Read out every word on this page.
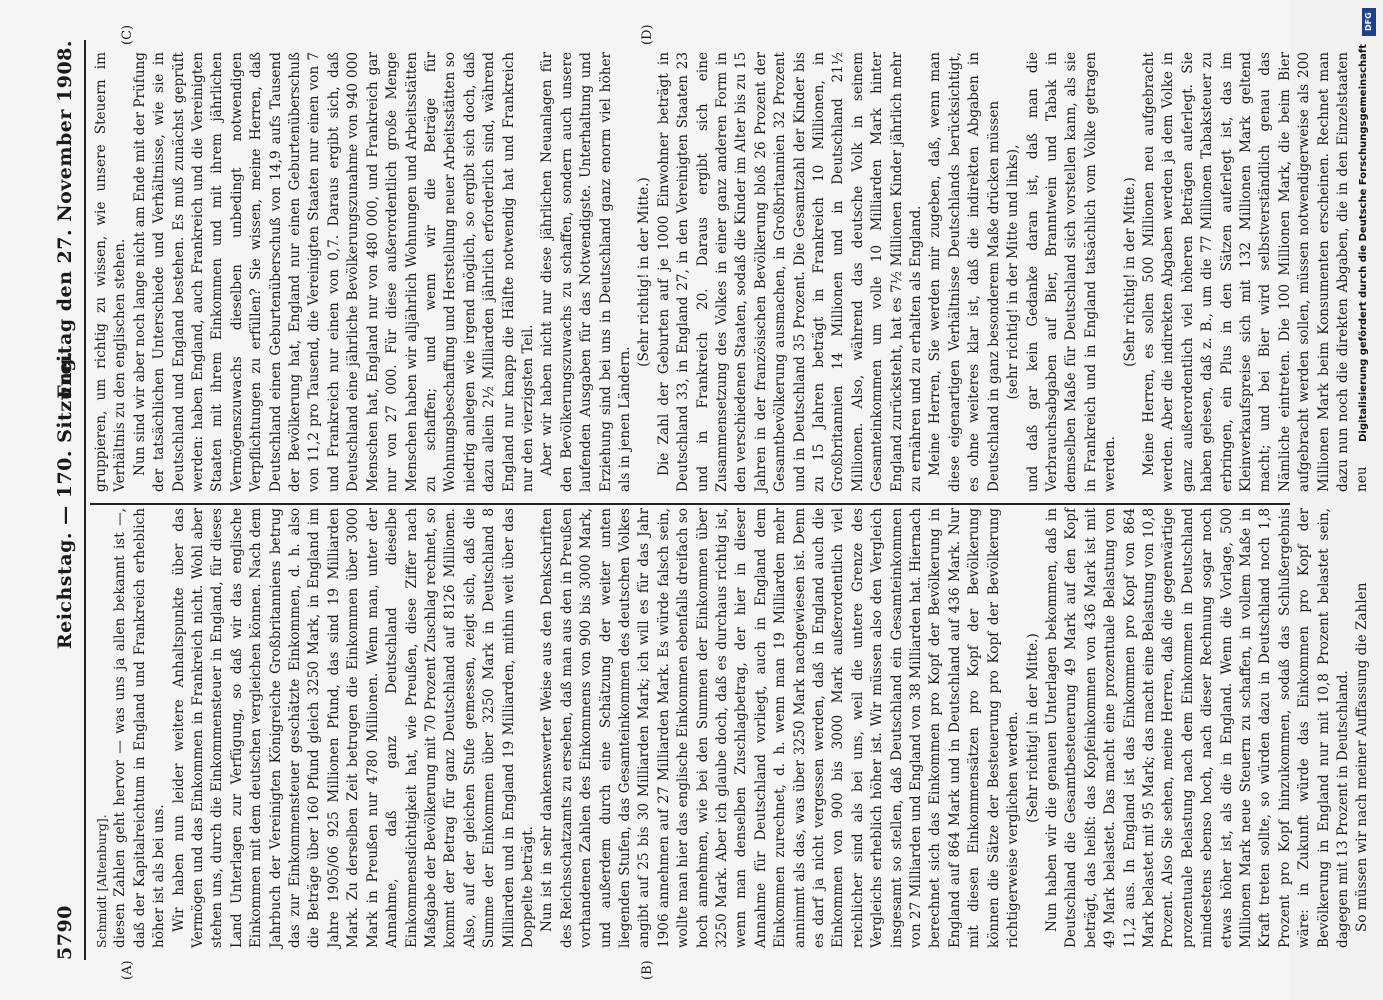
5790
Reichstag. — 170. Sitzung.
Freitag den 27. November 1908.
(A)	(B)
(C)	(D)

Schmidt [Altenburg]. diesen Zahlen geht hervor — was uns ja allen bekannt ist —, daß der Kapitalreichtum in England und Frankreich erheblich höher ist als bei uns. Wir haben nun leider weitere Anhaltspunkte über das Vermögen und das Einkommen in Frankreich nicht. Wohl aber stehen uns, durch die Einkommensteuer in England, für dieses Land Unterlagen zur Verfügung, so daß wir das englische Einkommen mit dem deutschen vergleichen können. Nach dem Jahrbuch der Vereinigten Königreiche Großbritanniens betrug das zur Einkommensteuer geschätzte Einkommen, d. h. also die Beträge über 160 Pfund gleich 3250 Mark, in England im Jahre 1905/06 925 Millionen Pfund, das sind 19 Milliarden Mark. Zu derselben Zeit betrugen die Einkommen über 3000 Mark in Preußen nur 4780 Millionen. Wenn man, unter der Annahme, daß ganz Deutschland dieselbe Einkommensdichtigkeit hat, wie Preußen, diese Ziffer nach Maßgabe der Bevölkerung mit 70 Prozent Zuschlag rechnet, so kommt der Betrag für ganz Deutschland auf 8126 Millionen. Also, auf der gleichen Stufe gemessen, zeigt sich, daß die Summe der Einkommen über 3250 Mark in Deutschland 8 Milliarden und in England 19 Milliarden, mithin weit über das Doppelte beträgt. Nun ist in sehr dankenswerter Weise aus den Denkschriften des Reichsschatzamts zu ersehen, daß man aus den in Preußen vorhandenen Zahlen des Einkommens von 900 bis 3000 Mark, und außerdem durch eine Schätzung der weiter unten liegenden Stufen, das Gesamteinkommen des deutschen Volkes angibt auf 25 bis 30 Milliarden Mark; ich will es für das Jahr 1906 annehmen auf 27 Milliarden Mark. Es würde falsch sein, wollte man hier das englische Einkommen ebenfalls dreifach so hoch annehmen, wie bei den Summen der Einkommen über 3250 Mark. Aber ich glaube doch, daß es durchaus richtig ist, wenn man denselben Zuschlagbetrag, der hier in dieser Annahme für Deutschland vorliegt, auch in England dem Einkommen zurechnet, d. h. wenn man 19 Milliarden mehr annimmt als das, was über 3250 Mark nachgewiesen ist. Denn es darf ja nicht vergessen werden, daß in England auch die Einkommen von 900 bis 3000 Mark außerordentlich viel reichlicher sind als bei uns, weil die untere Grenze des Vergleichs erheblich höher ist. Wir müssen also den Vergleich insgesamt so stellen, daß Deutschland ein Gesamteinkommen von 27 Milliarden und England von 38 Milliarden hat. Hiernach berechnet sich das Einkommen pro Kopf der Bevölkerung in England auf 864 Mark und in Deutschland auf 436 Mark. Nur mit diesen Einkommensätzen pro Kopf der Bevölkerung können die Sätze der Besteuerung pro Kopf der Bevölkerung richtigerweise verglichen werden. (Sehr richtig! in der Mitte.) Nun haben wir die genauen Unterlagen bekommen, daß in Deutschland die Gesamtbesteuerung 49 Mark auf den Kopf beträgt, das heißt: das Kopfeinkommen von 436 Mark ist mit 49 Mark belastet. Das macht eine prozentuale Belastung von 11,2 aus. In England ist das Einkommen pro Kopf von 864 Mark belastet mit 95 Mark; das macht eine Belastung von 10,8 Prozent. Also Sie sehen, meine Herren, daß die gegenwärtige prozentuale Belastung nach dem Einkommen in Deutschland mindestens ebenso hoch, nach dieser Rechnung sogar noch etwas höher ist, als die in England. Wenn die Vorlage, 500 Millionen Mark neue Steuern zu schaffen, in vollem Maße in Kraft treten sollte, so würden dazu in Deutschland noch 1,8 Prozent pro Kopf hinzukommen, sodaß das Schlußergebnis wäre: in Zukunft würde das Einkommen pro Kopf der Bevölkerung in England nur mit 10,8 Prozent belastet sein, dagegen mit 13 Prozent in Deutschland. So müssen wir nach meiner Auffassung die Zahlen

gruppieren, um richtig zu wissen, wie unsere Steuern im Verhältnis zu den englischen stehen. Nun sind wir aber noch lange nicht am Ende mit der Prüfung der tatsächlichen Unterschiede und Verhältnisse, wie sie in Deutschland und England bestehen. Es muß zunächst geprüft werden: haben England, auch Frankreich und die Vereinigten Staaten mit ihrem Einkommen und mit ihrem jährlichen Vermögenszuwachs dieselben unbedingt notwendigen Verpflichtungen zu erfüllen? Sie wissen, meine Herren, daß Deutschland einen Geburtenüberschuß von 14,9 aufs Tausend der Bevölkerung hat, England nur einen Geburtenüberschuß von 11,2 pro Tausend, die Vereinigten Staaten nur einen von 7 und Frankreich nur einen von 0,7. Daraus ergibt sich, daß Deutschland eine jährliche Bevölkerungszunahme von 940 000 Menschen hat, England nur von 480 000, und Frankreich gar nur von 27 000. Für diese außerordentlich große Menge Menschen haben wir alljährlich Wohnungen und Arbeitsstätten zu schaffen; und wenn wir die Beträge für Wohnungsbeschaffung und Herstellung neuer Arbeitsstätten so niedrig anlegen wie irgend möglich, so ergibt sich doch, daß dazu allein 2½ Milliarden jährlich erforderlich sind, während England nur knapp die Hälfte notwendig hat und Frankreich nur den vierzigsten Teil. Aber wir haben nicht nur diese jährlichen Neuanlagen für den Bevölkerungszuwachs zu schaffen, sondern auch unsere laufenden Ausgaben für das Notwendigste. Unterhaltung und Erziehung sind bei uns in Deutschland ganz enorm viel höher als in jenen Ländern.

(Sehr richtig! in der Mitte.) Die Zahl der Geburten auf je 1000 Einwohner beträgt in Deutschland 33, in England 27, in den Vereinigten Staaten 23 und in Frankreich 20. Daraus ergibt sich eine Zusammensetzung des Volkes in einer ganz anderen Form in den verschiedenen Staaten, sodaß die Kinder im Alter bis zu 15 Jahren in der französischen Bevölkerung bloß 26 Prozent der Gesamtbevölkerung ausmachen, in Großbritannien 32 Prozent und in Deutschland 35 Prozent. Die Gesamtzahl der Kinder bis zu 15 Jahren beträgt in Frankreich 10 Millionen, in Großbritannien 14 Millionen und in Deutschland 21½ Millionen. Also, während das deutsche Volk in seinem Gesamteinkommen um volle 10 Milliarden Mark hinter England zurücksteht, hat es 7½ Millionen Kinder jährlich mehr zu ernähren und zu erhalten als England. Meine Herren, Sie werden mir zugeben, daß, wenn man diese eigenartigen Verhältnisse Deutschlands berücksichtigt, es ohne weiteres klar ist, daß die indirekten Abgaben in Deutschland in ganz besonderem Maße drücken müssen (sehr richtig! in der Mitte und links), und daß gar kein Gedanke daran ist, daß man die Verbrauchsabgaben auf Bier, Branntwein und Tabak in demselben Maße für Deutschland sich vorstellen kann, als sie in Frankreich und in England tatsächlich vom Volke getragen werden.

(Sehr richtig! in der Mitte.) Meine Herren, es sollen 500 Millionen neu aufgebracht werden. Aber die indirekten Abgaben werden ja dem Volke in ganz außerordentlich viel höheren Beträgen auferlegt. Sie haben gelesen, daß z. B., um die 77 Millionen Tabaksteuer zu erbringen, ein Plus in den Sätzen auferlegt ist, das im Kleinverkaufspreise sich mit 132 Millionen Mark geltend macht; und bei Bier wird selbstverständlich genau das Nämliche eintreten. Die 100 Millionen Mark, die beim Bier aufgebracht werden sollen, müssen notwendigerweise als 200 Millionen Mark beim Konsumenten erscheinen. Rechnet man dazu nun noch die direkten Abgaben, die in den Einzelstaaten neu

DFG
Digitalisierung gefördert durch die Deutsche Forschungsgemeinschaft
